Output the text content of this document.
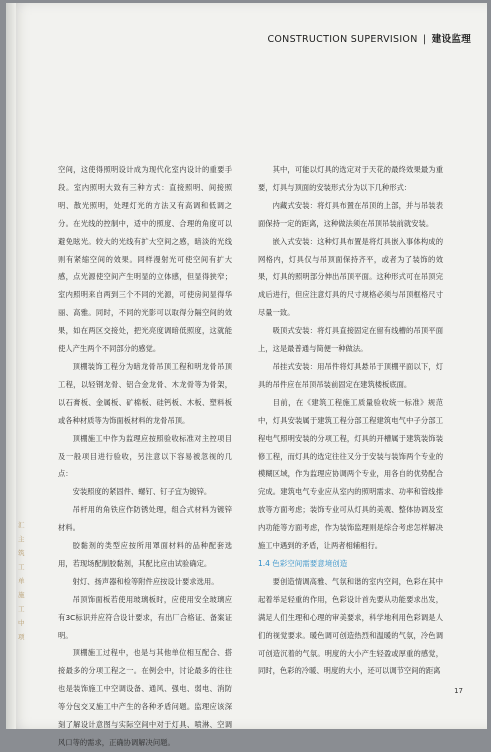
CONSTRUCTION SUPERVISION | 建设监理

空间，这使得照明设计成为现代化室内设计的重要手段。室内照明大致有三种方式：直接照明、间接照明、散光照明，处理灯光的方法又有高调和低调之分。在光线的控制中，适中的照度、合理的角度可以避免眩光。较大的光线有扩大空间之感，暗淡的光线则有紧缩空间的效果。同样漫射光可使空间有扩大感，点光源使空间产生明显的立体感，但显得狭窄；室内照明来自两到三个不同的光源，可使房间显得华丽、高雅。同时，不同的光影可以取得分隔空间的效果，如在两区交接处，把光亮度调暗低照度，这就能使人产生两个不同部分的感觉。

顶棚装饰工程分为暗龙骨吊顶工程和明龙骨吊顶工程，以轻钢龙骨、铝合金龙骨、木龙骨等为骨架，以石膏板、金属板、矿棉板、硅钙板、木板、塑料板或各种材质等为饰面板材料的龙骨吊顶。

顶棚施工中作为监理应按照验收标准对主控项目及一般项目进行验收，另注意以下容易被忽视的几点：

安装照度的紧固件、螺钉、钉子宜为镀锌。

吊杆用的角铁应作防锈处理，组合式材料为镀锌材料。

胶黏剂的类型应按所用罩面材料的品种配套选用，若现场配制胶黏剂，其配比应由试验确定。

射灯、扬声器和检等附件应按设计要求选用。

吊顶饰面板若使用玻璃板时，应使用安全玻璃应有3C标识并应符合设计要求，有出厂合格证、备案证明。

顶棚施工过程中，也是与其他单位相互配合、搭接最多的分项工程之一。在例会中，讨论最多的往往也是装饰施工中空调设备、通风、强电、弱电、消防等分包交叉施工中产生的各种矛盾问题。监理应该深刻了解设计意图与实际空间中对于灯具、喷淋、空调风口等的需求，正确协调解决问题。

其中，可能以灯具的选定对于天花的最终效果最为重要，灯具与顶面的安装形式分为以下几种形式：

内藏式安装：将灯具布置在吊顶的上部，并与吊装表面保持一定的距离，这种做法须在吊顶吊装前就安装。

嵌入式安装：这种灯具布置是将灯具嵌入事体构成的网格内，灯具仅与吊顶面保持齐平，或者为了装饰的效果，灯具的照明部分伸出吊顶平面。这种形式可在吊顶完成后进行，但应注意灯具的尺寸规格必须与吊顶框格尺寸尽量一致。

吸顶式安装：将灯具直接固定在留有线槽的吊顶平面上，这是最普通与简便一种做法。

吊挂式安装：用吊件将灯具悬吊于顶棚平面以下，灯具的吊件应在吊顶吊装前固定在建筑楼板底面。

目前，在《建筑工程施工质量验收统一标准》规范中，灯具安装属于建筑工程分部工程建筑电气中子分部工程电气照明安装的分项工程，灯具的开槽属于建筑装饰装修工程，而灯具的选定往往又分于安装与装饰两个专业的模糊区域，作为监理应协调两个专业，用各自的优势配合完成。建筑电气专业应从室内的照明需求、功率和管线排放等方面考虑；装饰专业可从灯具的美观、整体协调及室内功能等方面考虑，作为装饰监理则是综合考虑怎样解决施工中遇到的矛盾，让两者相辅相行。

1.4 色彩空间需要意境创造

要创造情调高雅、气氛和谐的室内空间，色彩在其中起着举足轻重的作用，色彩设计首先要从功能要求出发，满足人们生理和心理的审美要求，科学地利用色彩调是人们的视觉要求。暖色调可创造热烈和温暖的气氛，冷色调可创造沉着的气氛。明度的大小产生轻盈或厚重的感觉，同时，色彩的冷暖、明度的大小，还可以调节空间的距离

汇
主
筑
工
单
施
工
中
项
17
